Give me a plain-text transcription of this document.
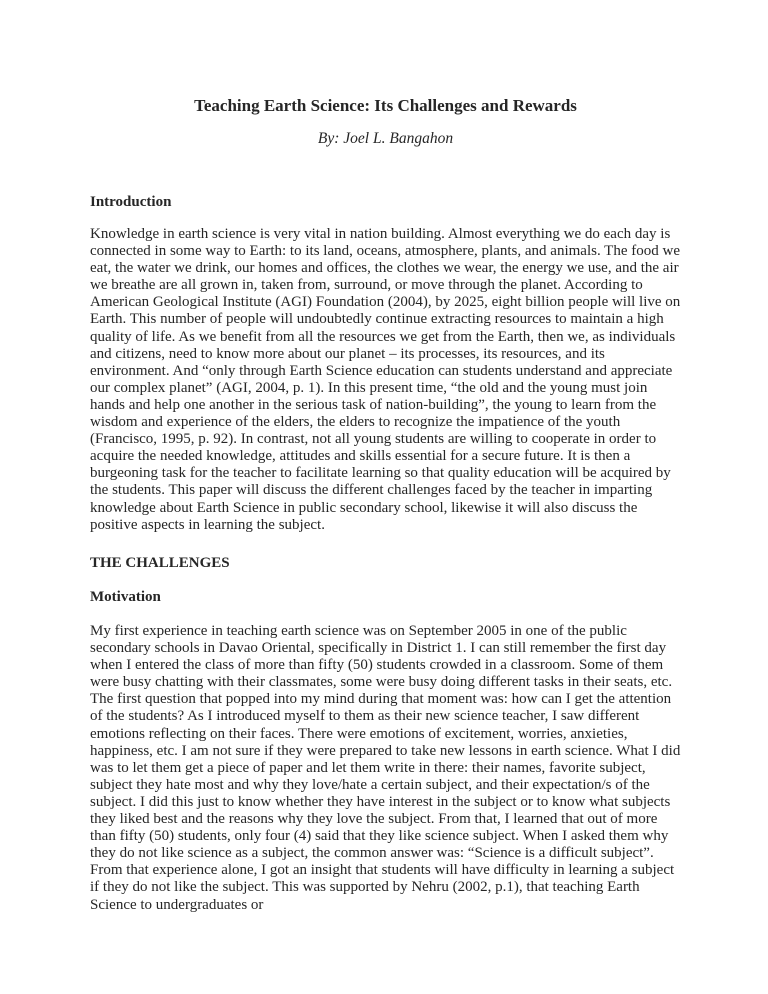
Teaching Earth Science: Its Challenges and Rewards

By: Joel L. Bangahon

Introduction

Knowledge in earth science is very vital in nation building. Almost everything we do each day is connected in some way to Earth: to its land, oceans, atmosphere, plants, and animals. The food we eat, the water we drink, our homes and offices, the clothes we wear, the energy we use, and the air we breathe are all grown in, taken from, surround, or move through the planet. According to American Geological Institute (AGI) Foundation (2004), by 2025, eight billion people will live on Earth. This number of people will undoubtedly continue extracting resources to maintain a high quality of life. As we benefit from all the resources we get from the Earth, then we, as individuals and citizens, need to know more about our planet – its processes, its resources, and its environment. And “only through Earth Science education can students understand and appreciate our complex planet” (AGI, 2004, p. 1). In this present time, “the old and the young must join hands and help one another in the serious task of nation-building”, the young to learn from the wisdom and experience of the elders, the elders to recognize the impatience of the youth (Francisco, 1995, p. 92). In contrast, not all young students are willing to cooperate in order to acquire the needed knowledge, attitudes and skills essential for a secure future. It is then a burgeoning task for the teacher to facilitate learning so that quality education will be acquired by the students. This paper will discuss the different challenges faced by the teacher in imparting knowledge about Earth Science in public secondary school, likewise it will also discuss the positive aspects in learning the subject.

THE CHALLENGES
Motivation

My first experience in teaching earth science was on September 2005 in one of the public secondary schools in Davao Oriental, specifically in District 1. I can still remember the first day when I entered the class of more than fifty (50) students crowded in a classroom. Some of them were busy chatting with their classmates, some were busy doing different tasks in their seats, etc. The first question that popped into my mind during that moment was: how can I get the attention of the students? As I introduced myself to them as their new science teacher, I saw different emotions reflecting on their faces. There were emotions of excitement, worries, anxieties, happiness, etc. I am not sure if they were prepared to take new lessons in earth science. What I did was to let them get a piece of paper and let them write in there: their names, favorite subject, subject they hate most and why they love/hate a certain subject, and their expectation/s of the subject. I did this just to know whether they have interest in the subject or to know what subjects they liked best and the reasons why they love the subject. From that, I learned that out of more than fifty (50) students, only four (4) said that they like science subject. When I asked them why they do not like science as a subject, the common answer was: “Science is a difficult subject”. From that experience alone, I got an insight that students will have difficulty in learning a subject if they do not like the subject. This was supported by Nehru (2002, p.1), that teaching Earth Science to undergraduates or
